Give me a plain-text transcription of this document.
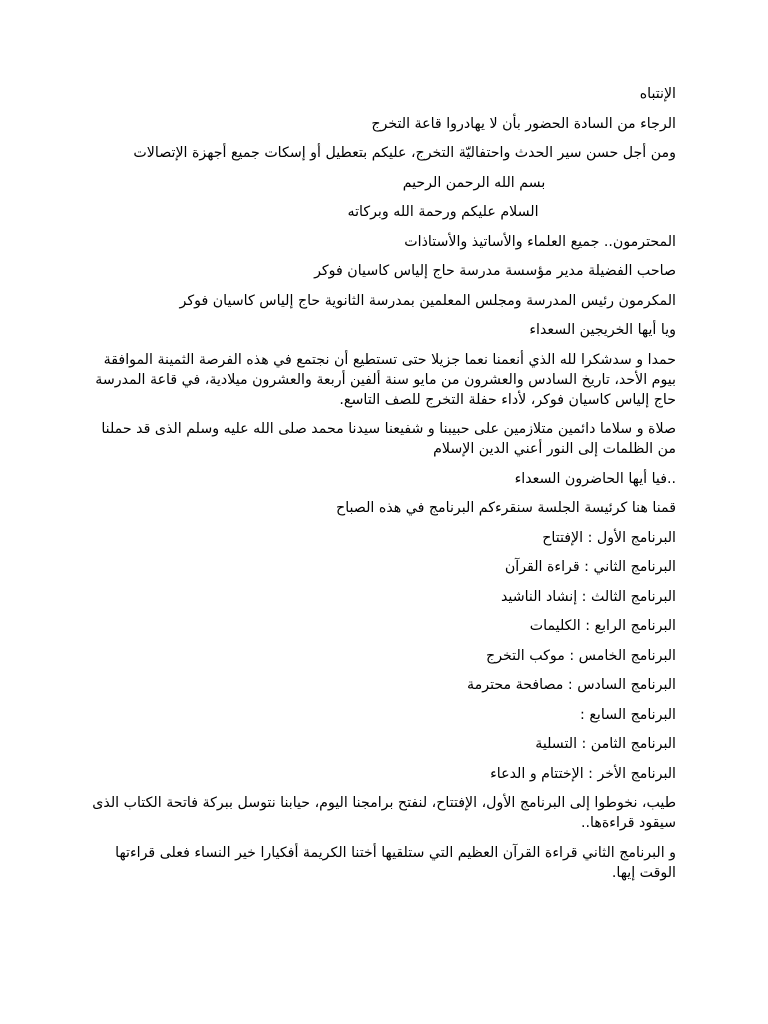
الإنتباه

الرجاء من السادة الحضور بأن لا يهادروا قاعة التخرج

ومن أجل حسن سير الحدث واحتفاليّة التخرج، عليكم بتعطيل أو إسكات جميع أجهزة الإتصالات

بسم الله الرحمن الرحيم

السلام عليكم ورحمة الله وبركاته

المحترمون.. جميع العلماء والأساتيذ والأستاذات

صاحب الفضيلة مدير مؤسسة مدرسة حاج إلياس كاسيان فوكر

المكرمون رئيس المدرسة ومجلس المعلمين بمدرسة الثانوية حاج إلياس كاسيان فوكر

ويا أيها الخريجين السعداء

حمدا و سدشكرا لله الذي أنعمنا نعما جزيلا حتى تستطيع أن نجتمع في هذه الفرصة الثمينة الموافقة بيوم الأحد، تاريخ السادس والعشرون من مايو سنة ألفين أربعة والعشرون ميلادية، في قاعة المدرسة حاج إلياس كاسيان فوكر، لأداء حفلة التخرج للصف التاسع.

صلاة و سلاما دائمين متلازمين على حبيبنا و شفيعنا سيدنا محمد صلى الله عليه وسلم الذى قد حملنا من الظلمات إلى النور أعني الدين الإسلام

..فيا أيها الحاضرون السعداء

قمنا هنا كرئيسة الجلسة سنقرءكم البرنامج في هذه الصباح

البرنامج الأول : الإفتتاح

البرنامج الثاني : قراءة القرآن

البرنامج الثالث : إنشاد الناشيد

البرنامج الرابع : الكليمات

البرنامج الخامس : موكب التخرج

البرنامج السادس : مصافحة محترمة

البرنامج السابع :

البرنامج الثامن : التسلية

البرنامج الأخر : الإختتام و الدعاء

طيب، نخوطوا إلى البرنامج الأول، الإفتتاح، لنفتح برامجنا اليوم، حيابنا نتوسل ببركة فاتحة الكتاب الذى سيقود قراءةها..

و البرنامج الثاني قراءة القرآن العظيم التي ستلقيها أختنا الكريمة أفكيارا خير النساء فعلى قراءتها الوقت إيها.
